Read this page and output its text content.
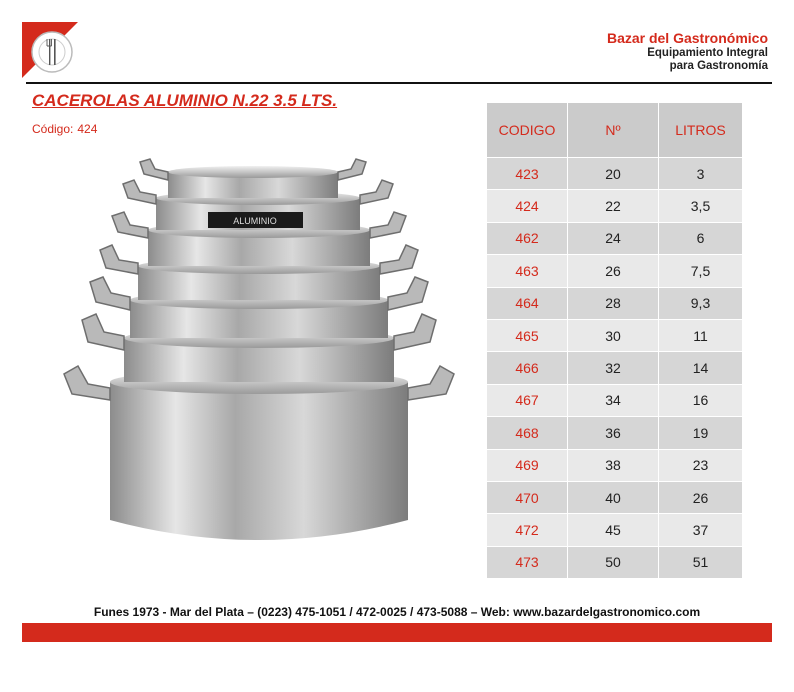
Bazar del Gastronómico
Equipamiento Integral
para Gastronomía
CACEROLAS ALUMINIO N.22 3.5 LTS.
Código: 424
ALUMINIO
CODIGO	Nº	LITROS
423	20	3
424	22	3,5
462	24	6
463	26	7,5
464	28	9,3
465	30	11
466	32	14
467	34	16
468	36	19
469	38	23
470	40	26
472	45	37
473	50	51
Funes 1973 - Mar del Plata – (0223) 475-1051 / 472-0025 / 473-5088 – Web: www.bazardelgastronomico.com
